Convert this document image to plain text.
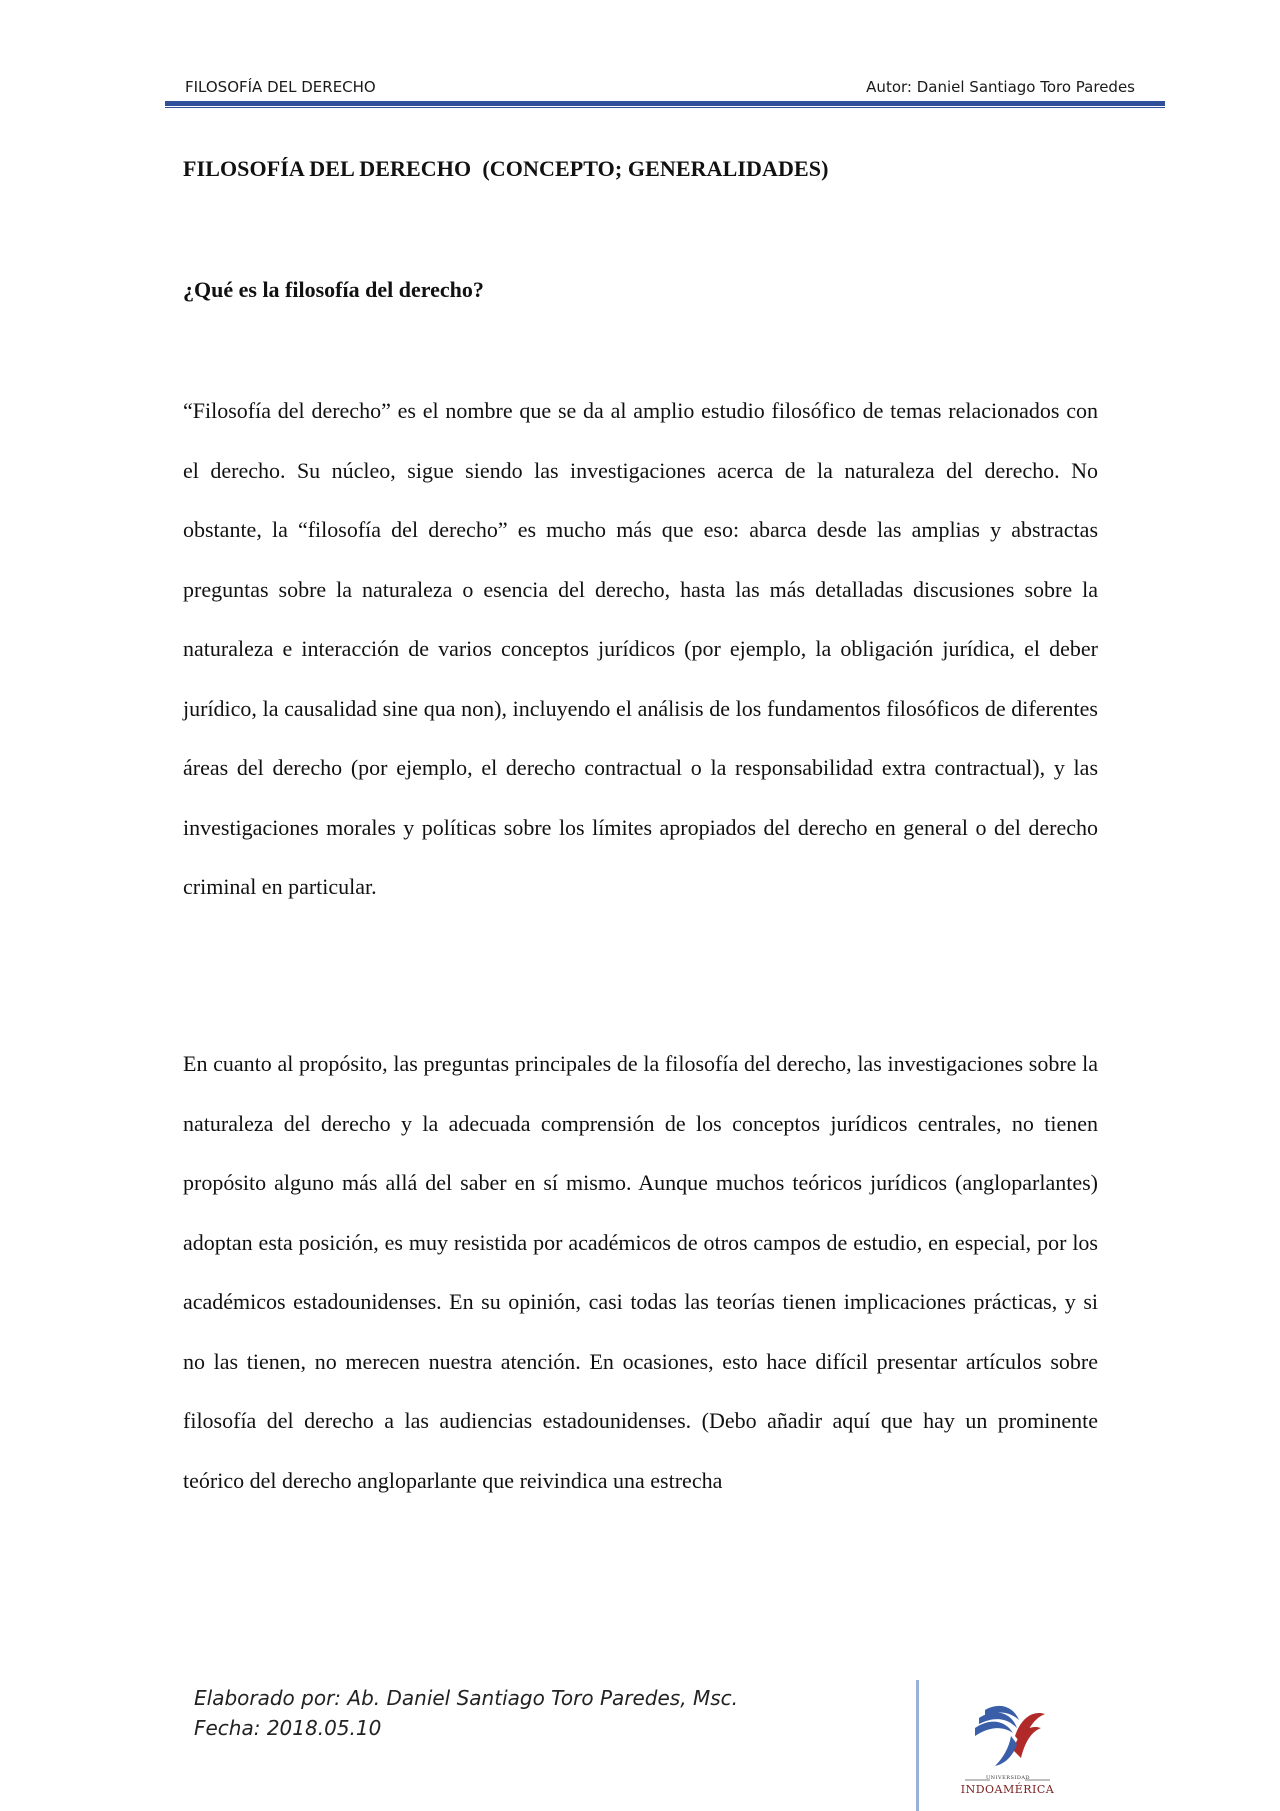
FILOSOFÍA DEL DERECHO	Autor: Daniel Santiago Toro Paredes
FILOSOFÍA DEL DERECHO  (CONCEPTO; GENERALIDADES)
¿Qué es la filosofía del derecho?

“Filosofía del derecho” es el nombre que se da al amplio estudio filosófico de temas relacionados con el derecho. Su núcleo, sigue siendo las investigaciones acerca de la naturaleza del derecho. No obstante, la “filosofía del derecho” es mucho más que eso: abarca desde las amplias y abstractas preguntas sobre la naturaleza o esencia del derecho, hasta las más detalladas discusiones sobre la naturaleza e interacción de varios conceptos jurídicos (por ejemplo, la obligación jurídica, el deber jurídico, la causalidad sine qua non), incluyendo el análisis de los fundamentos filosóficos de diferentes áreas del derecho (por ejemplo, el derecho contractual o la responsabilidad extra contractual), y las investigaciones morales y políticas sobre los límites apropiados del derecho en general o del derecho criminal en particular.

En cuanto al propósito, las preguntas principales de la filosofía del derecho, las investigaciones sobre la naturaleza del derecho y la adecuada comprensión de los conceptos jurídicos centrales, no tienen propósito alguno más allá del saber en sí mismo. Aunque muchos teóricos jurídicos (angloparlantes) adoptan esta posición, es muy resistida por académicos de otros campos de estudio, en especial, por los académicos estadounidenses. En su opinión, casi todas las teorías tienen implicaciones prácticas, y si no las tienen, no merecen nuestra atención. En ocasiones, esto hace difícil presentar artículos sobre filosofía del derecho a las audiencias estadounidenses. (Debo añadir aquí que hay un prominente teórico del derecho angloparlante que reivindica una estrecha

Elaborado por: Ab. Daniel Santiago Toro Paredes, Msc.
Fecha: 2018.05.10
UNIVERSIDAD
INDOAMÉRICA
